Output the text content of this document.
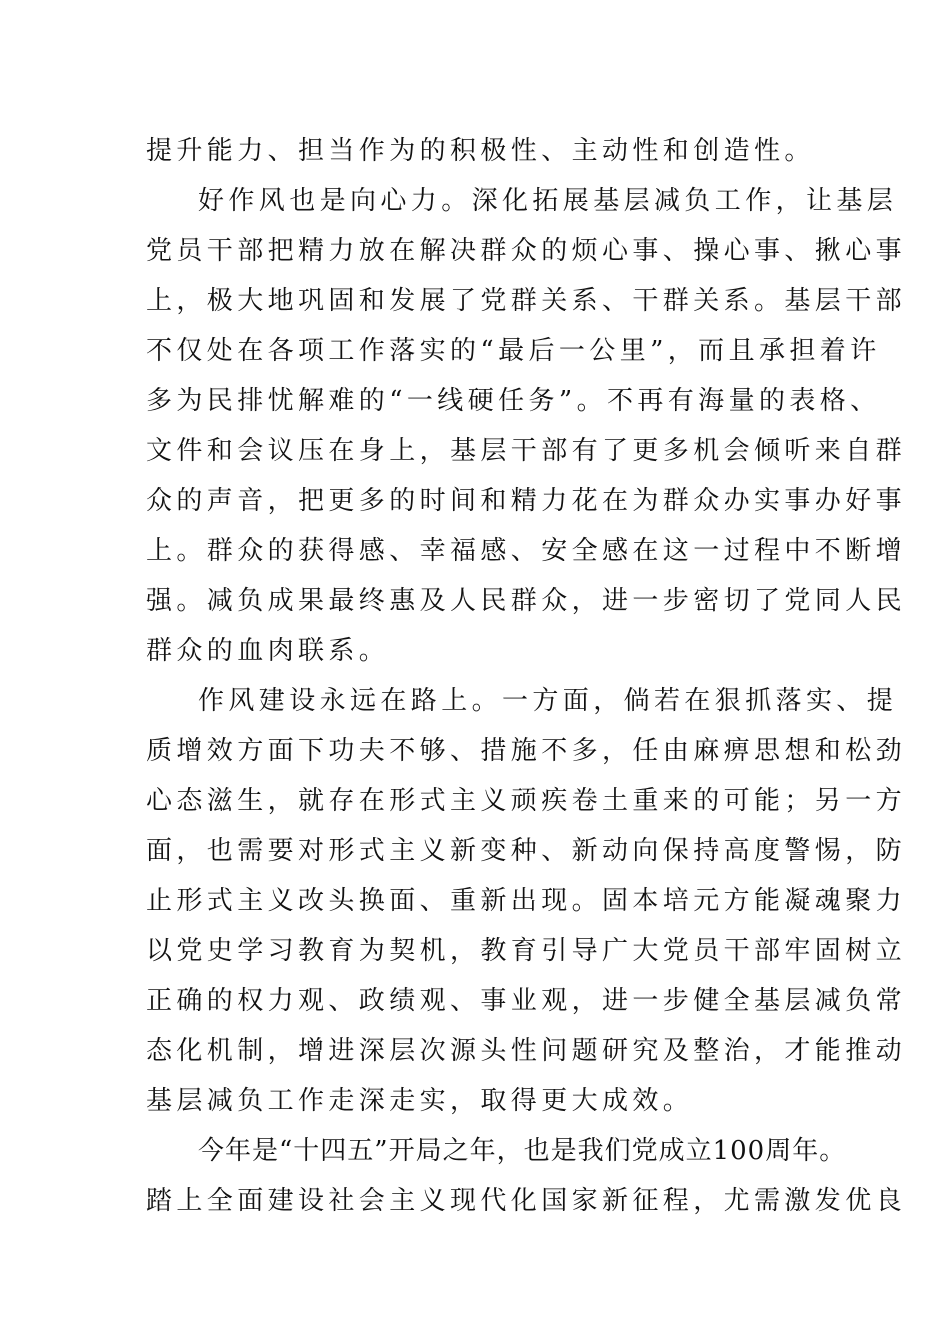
提升能力、担当作为的积极性、主动性和创造性。
好作风也是向心力。深化拓展基层减负工作，让基层
党员干部把精力放在解决群众的烦心事、操心事、揪心事
上，极大地巩固和发展了党群关系、干群关系。基层干部
不仅处在各项工作落实的“最后一公里”，而且承担着许
多为民排忧解难的“一线硬任务”。不再有海量的表格、
文件和会议压在身上，基层干部有了更多机会倾听来自群
众的声音，把更多的时间和精力花在为群众办实事办好事
上。群众的获得感、幸福感、安全感在这一过程中不断增
强。减负成果最终惠及人民群众，进一步密切了党同人民
群众的血肉联系。
作风建设永远在路上。一方面，倘若在狠抓落实、提
质增效方面下功夫不够、措施不多，任由麻痹思想和松劲
心态滋生，就存在形式主义顽疾卷土重来的可能；另一方
面，也需要对形式主义新变种、新动向保持高度警惕，防
止形式主义改头换面、重新出现。固本培元方能凝魂聚力
以党史学习教育为契机，教育引导广大党员干部牢固树立
正确的权力观、政绩观、事业观，进一步健全基层减负常
态化机制，增进深层次源头性问题研究及整治，才能推动
基层减负工作走深走实，取得更大成效。
今年是“十四五”开局之年，也是我们党成立100周年。
踏上全面建设社会主义现代化国家新征程，尤需激发优良
